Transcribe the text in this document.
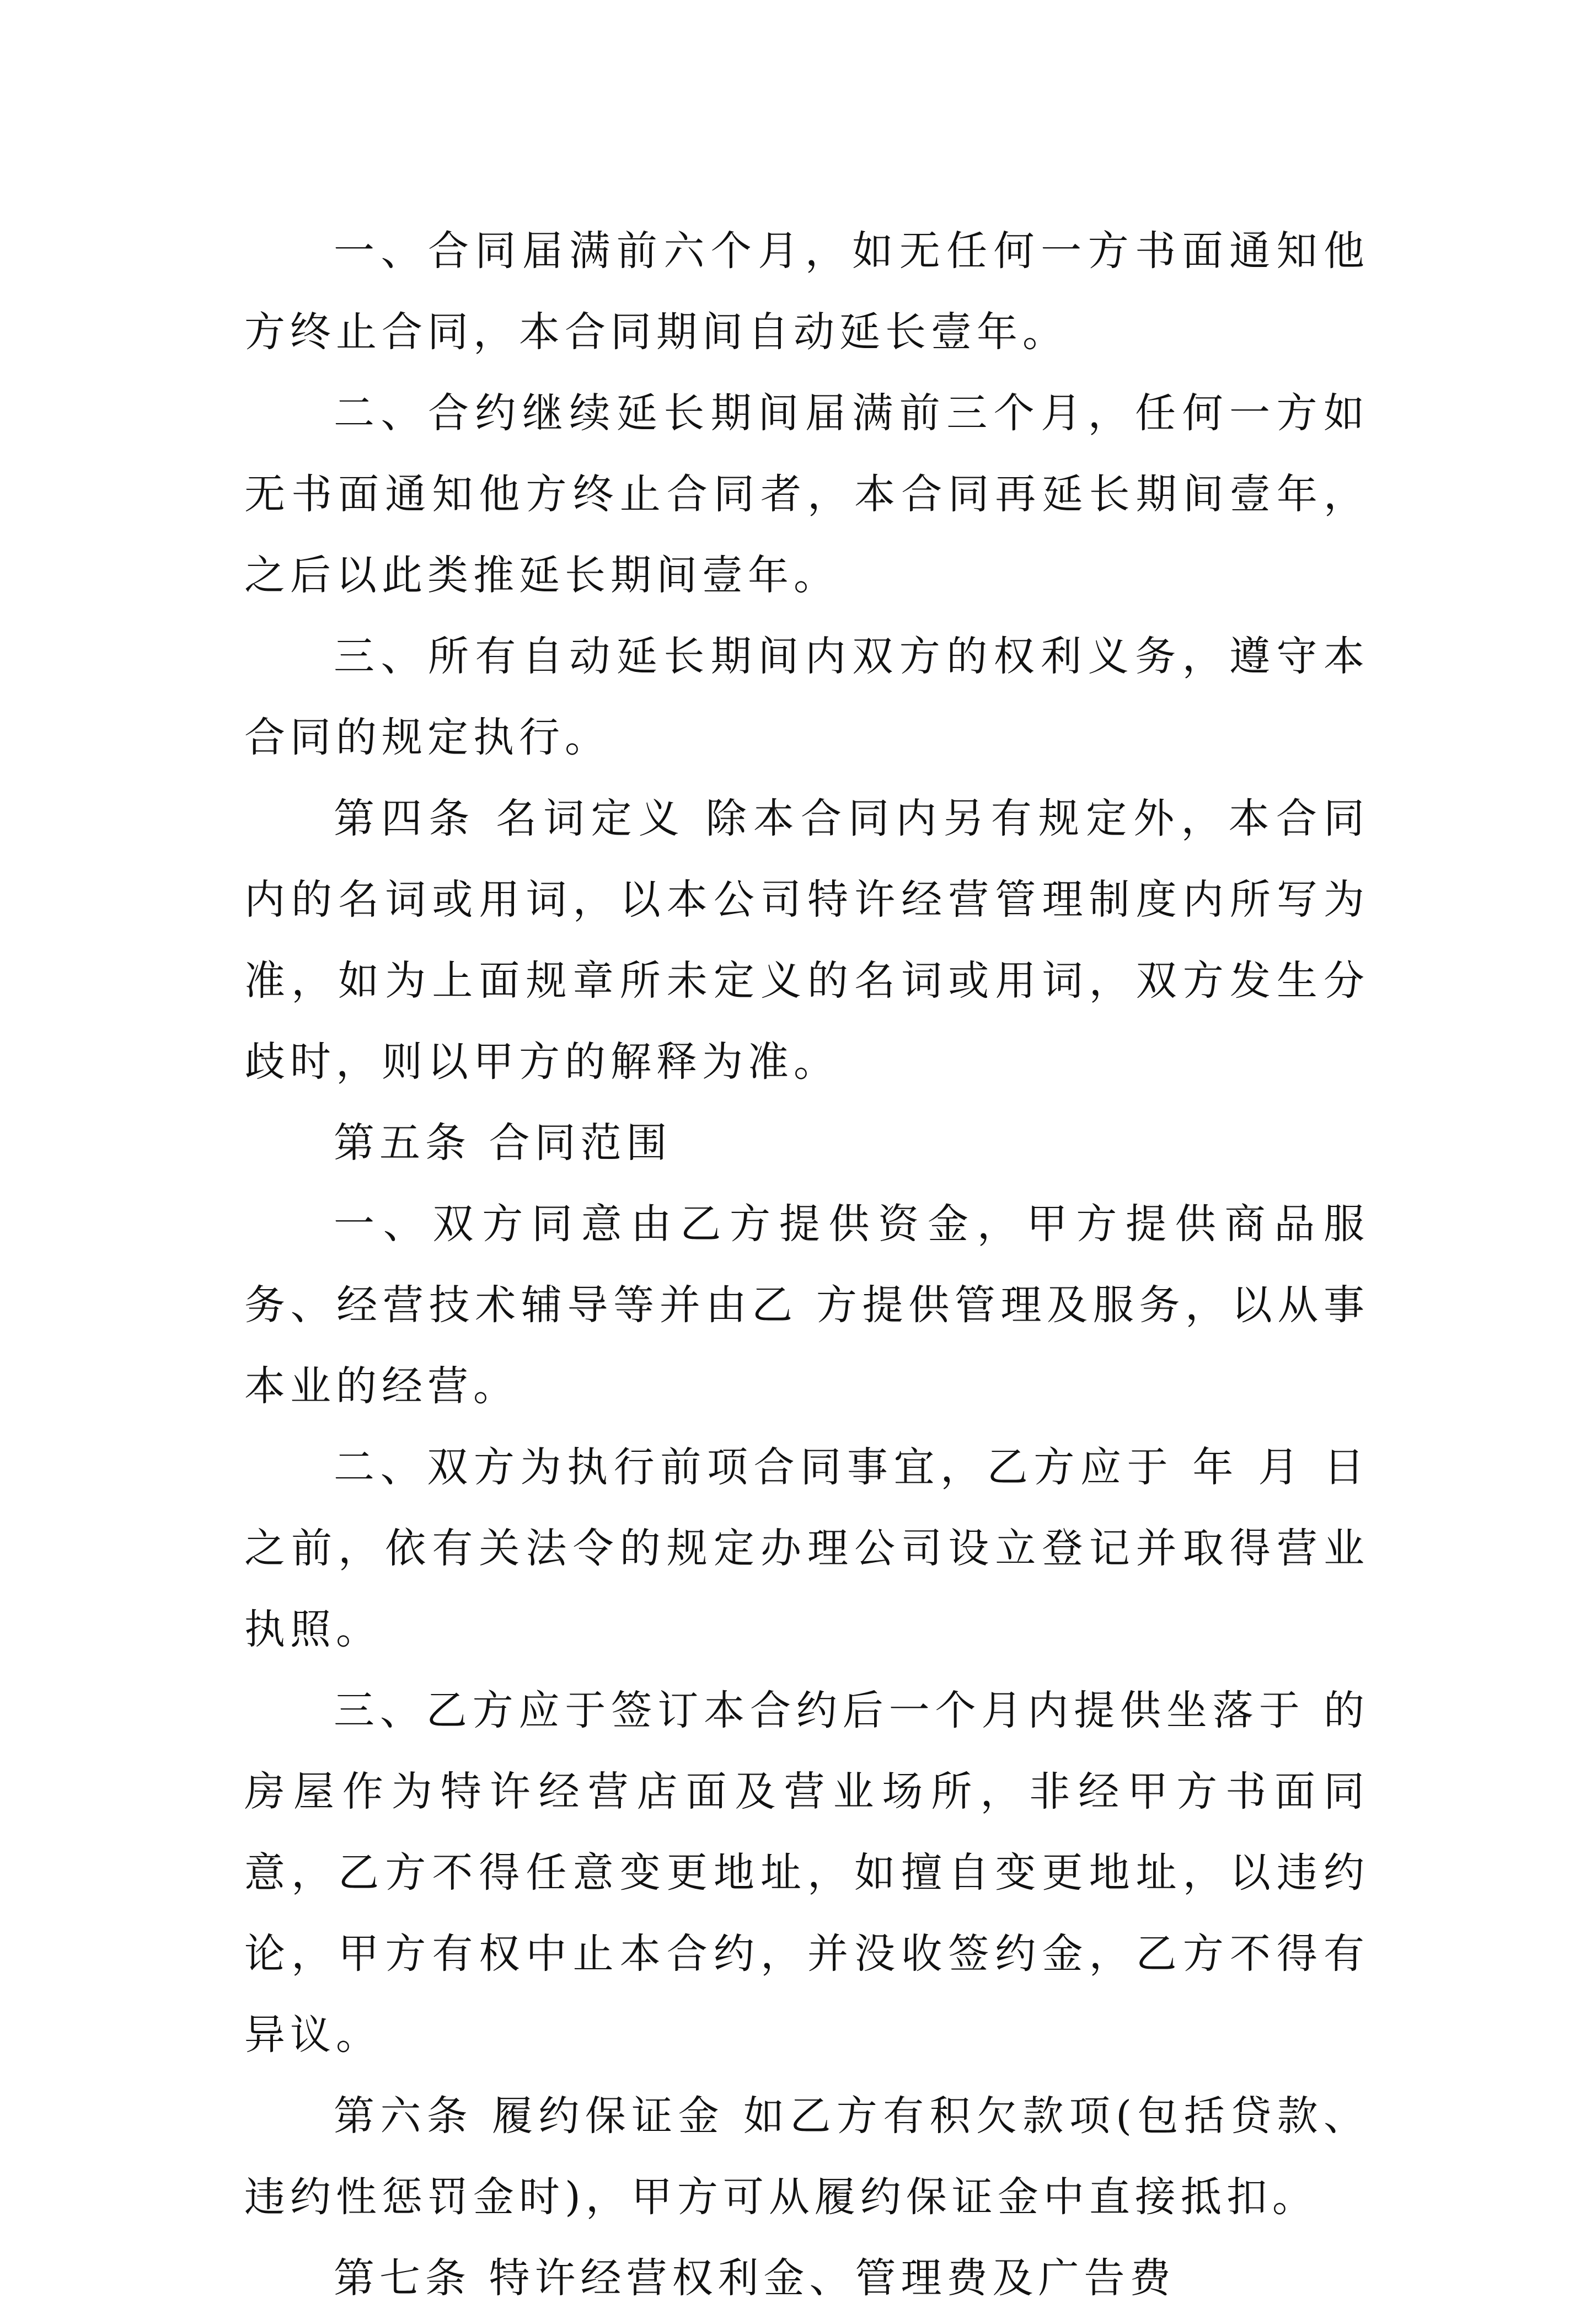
一、合同届满前六个月，如无任何一方书面通知他方终止合同，本合同期间自动延长壹年。

二、合约继续延长期间届满前三个月，任何一方如无书面通知他方终止合同者，本合同再延长期间壹年，之后以此类推延长期间壹年。

三、所有自动延长期间内双方的权利义务，遵守本合同的规定执行。

第四条 名词定义 除本合同内另有规定外，本合同内的名词或用词，以本公司特许经营管理制度内所写为准，如为上面规章所未定义的名词或用词，双方发生分歧时，则以甲方的解释为准。

第五条 合同范围

一、双方同意由乙方提供资金，甲方提供商品服务、经营技术辅导等并由乙 方提供管理及服务，以从事本业的经营。

二、双方为执行前项合同事宜，乙方应于 年 月 日之前，依有关法令的规定办理公司设立登记并取得营业执照。

三、乙方应于签订本合约后一个月内提供坐落于 的房屋作为特许经营店面及营业场所，非经甲方书面同意，乙方不得任意变更地址，如擅自变更地址，以违约论，甲方有权中止本合约，并没收签约金，乙方不得有异议。

第六条 履约保证金 如乙方有积欠款项(包括贷款、违约性惩罚金时)，甲方可从履约保证金中直接抵扣。

第七条 特许经营权利金、管理费及广告费
